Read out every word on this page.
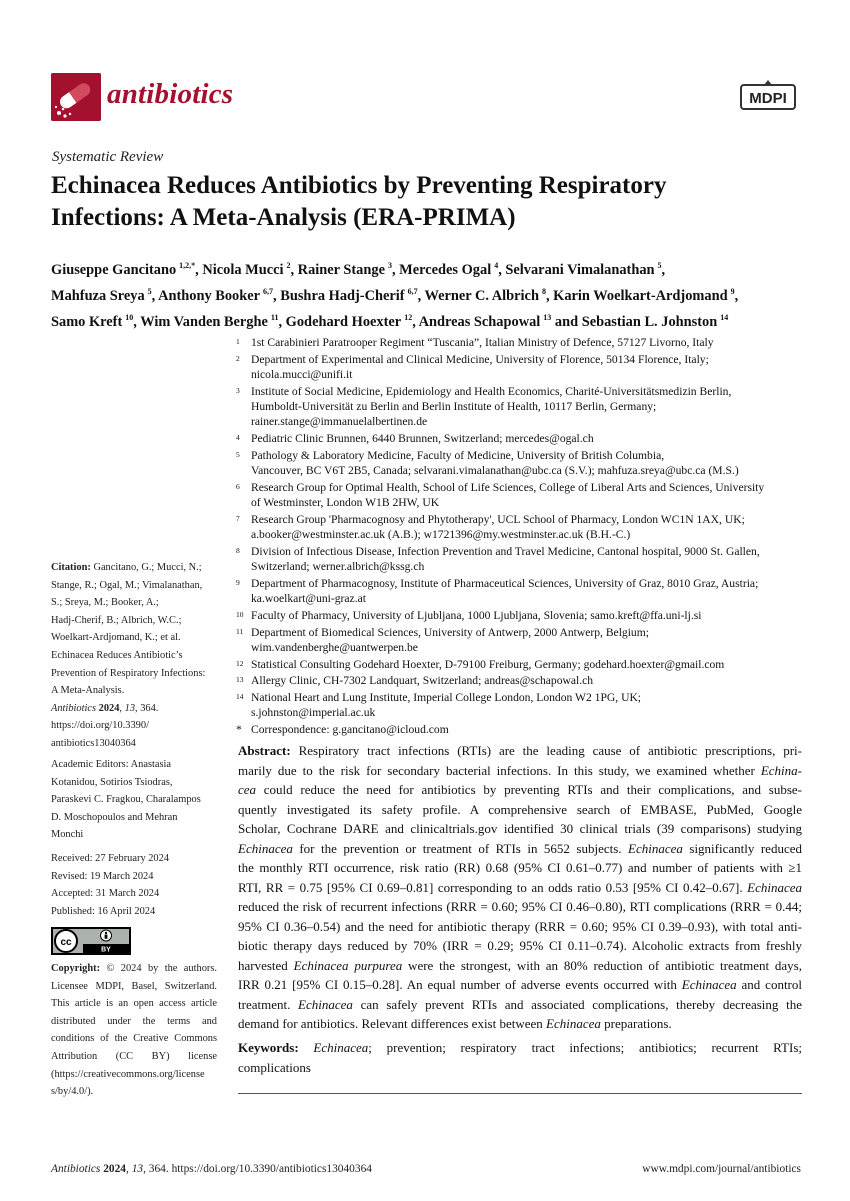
antibiotics	MDPI
Systematic Review
Echinacea Reduces Antibiotics by Preventing Respiratory
Infections: A Meta-Analysis (ERA-PRIMA)
Giuseppe Gancitano $^{1,2,*}$, Nicola Mucci $^2$, Rainer Stange $^3$, Mercedes Ogal $^4$, Selvarani Vimalanathan $^5$,
Mahfuza Sreya $^5$, Anthony Booker $^{6,7}$, Bushra Hadj-Cherif $^{6,7}$, Werner C. Albrich $^8$, Karin Woelkart-Ardjomand $^9$,
Samo Kreft $^{10}$, Wim Vanden Berghe $^{11}$, Godehard Hoexter $^{12}$, Andreas Schapowal $^{13}$ and Sebastian L. Johnston $^{14}$
1 1st Carabinieri Paratrooper Regiment “Tuscania”, Italian Ministry of Defence, 57127 Livorno, Italy
2 Department of Experimental and Clinical Medicine, University of Florence, 50134 Florence, Italy;
nicola.mucci@unifi.it
3 Institute of Social Medicine, Epidemiology and Health Economics, Charité-Universitätsmedizin Berlin,
Humboldt-Universität zu Berlin and Berlin Institute of Health, 10117 Berlin, Germany;
rainer.stange@immanuelalbertinen.de
4 Pediatric Clinic Brunnen, 6440 Brunnen, Switzerland; mercedes@ogal.ch
5 Pathology & Laboratory Medicine, Faculty of Medicine, University of British Columbia,
Vancouver, BC V6T 2B5, Canada; selvarani.vimalanathan@ubc.ca (S.V.); mahfuza.sreya@ubc.ca (M.S.)
6 Research Group for Optimal Health, School of Life Sciences, College of Liberal Arts and Sciences, University
of Westminster, London W1B 2HW, UK
7 Research Group 'Pharmacognosy and Phytotherapy', UCL School of Pharmacy, London WC1N 1AX, UK;
a.booker@westminster.ac.uk (A.B.); w1721396@my.westminster.ac.uk (B.H.-C.)
8 Division of Infectious Disease, Infection Prevention and Travel Medicine, Cantonal hospital, 9000 St. Gallen,
Switzerland; werner.albrich@kssg.ch
9 Department of Pharmacognosy, Institute of Pharmaceutical Sciences, University of Graz, 8010 Graz, Austria;
ka.woelkart@uni-graz.at
10 Faculty of Pharmacy, University of Ljubljana, 1000 Ljubljana, Slovenia; samo.kreft@ffa.uni-lj.si
11 Department of Biomedical Sciences, University of Antwerp, 2000 Antwerp, Belgium;
wim.vandenberghe@uantwerpen.be
12 Statistical Consulting Godehard Hoexter, D-79100 Freiburg, Germany; godehard.hoexter@gmail.com
13 Allergy Clinic, CH-7302 Landquart, Switzerland; andreas@schapowal.ch
14 National Heart and Lung Institute, Imperial College London, London W2 1PG, UK;
s.johnston@imperial.ac.uk
* Correspondence: g.gancitano@icloud.com
Citation: Gancitano, G.; Mucci, N.;
Stange, R.; Ogal, M.; Vimalanathan,
S.; Sreya, M.; Booker, A.;
Hadj-Cherif, B.; Albrich, W.C.;
Woelkart-Ardjomand, K.; et al.
Echinacea Reduces Antibiotic’s
Prevention of Respiratory Infections:
A Meta-Analysis.
Antibiotics 2024, 13, 364.
https://doi.org/10.3390/
antibiotics13040364
Academic Editors: Anastasia
Kotanidou, Sotirios Tsiodras,
Paraskevi C. Fragkou, Charalampos
D. Moschopoulos and Mehran
Monchi
Received: 27 February 2024
Revised: 19 March 2024
Accepted: 31 March 2024
Published: 16 April 2024
cc
BY
Copyright: © 2024 by the authors.
Licensee MDPI, Basel, Switzerland.
This article is an open access article
distributed under the terms and
conditions of the Creative Commons
Attribution (CC BY) license
(https://creativecommons.org/license
s/by/4.0/).
Abstract: Respiratory tract infections (RTIs) are the leading cause of antibiotic prescriptions, pri-
marily due to the risk for secondary bacterial infections. In this study, we examined whether Echina-
cea could reduce the need for antibiotics by preventing RTIs and their complications, and subse-
quently investigated its safety profile. A comprehensive search of EMBASE, PubMed, Google
Scholar, Cochrane DARE and clinicaltrials.gov identified 30 clinical trials (39 comparisons) studying
Echinacea for the prevention or treatment of RTIs in 5652 subjects. Echinacea significantly reduced
the monthly RTI occurrence, risk ratio (RR) 0.68 (95% CI 0.61–0.77) and number of patients with ≥1
RTI, RR = 0.75 [95% CI 0.69–0.81] corresponding to an odds ratio 0.53 [95% CI 0.42–0.67]. Echinacea
reduced the risk of recurrent infections (RRR = 0.60; 95% CI 0.46–0.80), RTI complications (RRR = 0.44;
95% CI 0.36–0.54) and the need for antibiotic therapy (RRR = 0.60; 95% CI 0.39–0.93), with total anti-
biotic therapy days reduced by 70% (IRR = 0.29; 95% CI 0.11–0.74). Alcoholic extracts from freshly
harvested Echinacea purpurea were the strongest, with an 80% reduction of antibiotic treatment days,
IRR 0.21 [95% CI 0.15–0.28]. An equal number of adverse events occurred with Echinacea and control
treatment. Echinacea can safely prevent RTIs and associated complications, thereby decreasing the
demand for antibiotics. Relevant differences exist between Echinacea preparations.
Keywords: Echinacea; prevention; respiratory tract infections; antibiotics; recurrent RTIs;
complications
Antibiotics 2024, 13, 364. https://doi.org/10.3390/antibiotics13040364	www.mdpi.com/journal/antibiotics
